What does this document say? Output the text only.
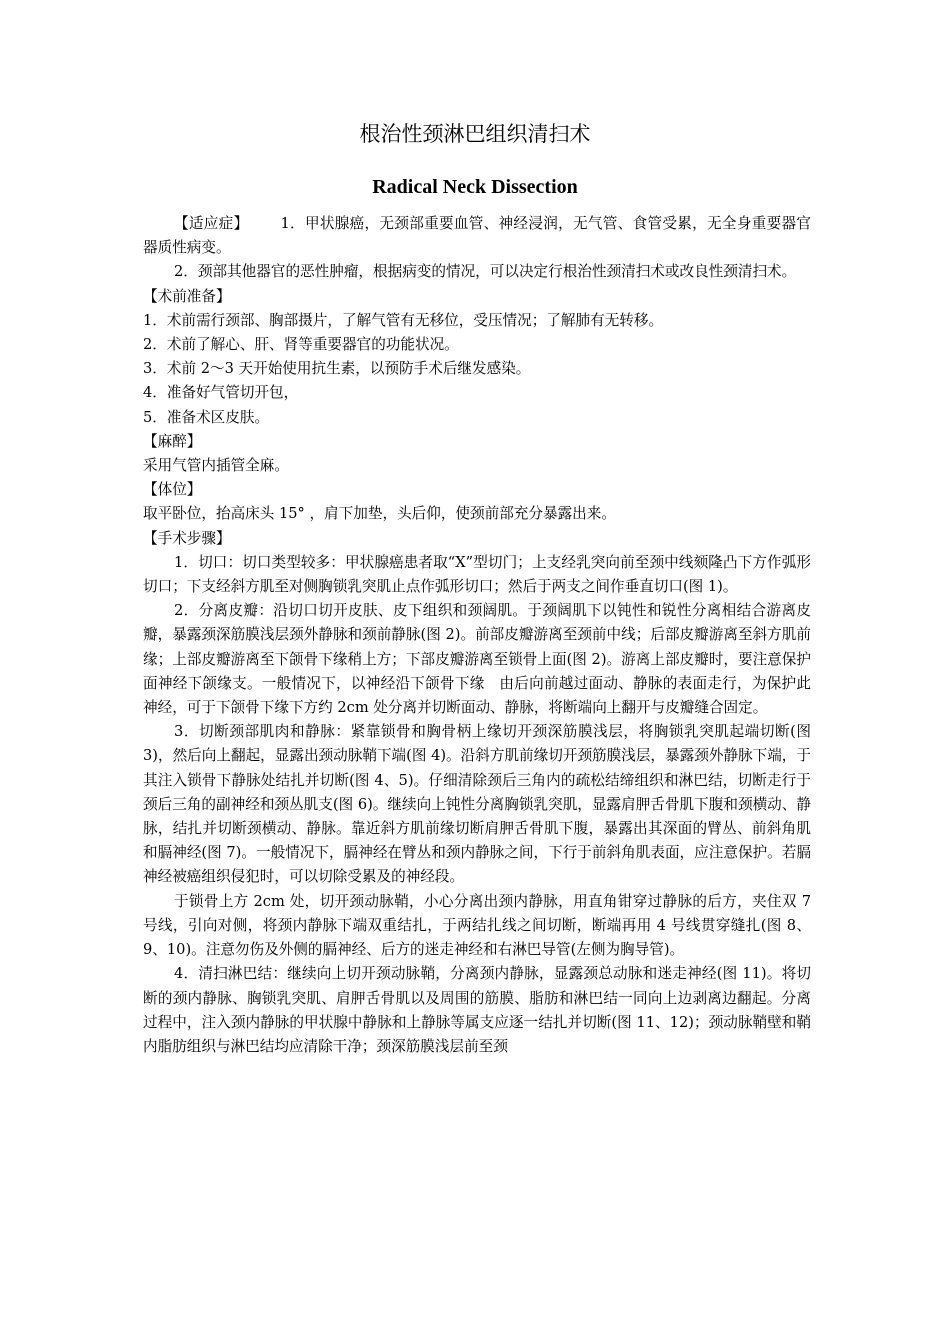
根治性颈淋巴组织清扫术
Radical Neck Dissection

【适应症】 1．甲状腺癌，无颈部重要血管、神经浸润，无气管、食管受累，无全身重要器官器质性病变。

2．颈部其他器官的恶性肿瘤，根据病变的情况，可以决定行根治性颈清扫术或改良性颈清扫术。

【术前准备】

1．术前需行颈部、胸部摄片，了解气管有无移位，受压情况；了解肺有无转移。

2．术前了解心、肝、肾等重要器官的功能状况。

3．术前 2～3 天开始使用抗生素，以预防手术后继发感染。

4．准备好气管切开包，

5．准备术区皮肤。

【麻醉】

采用气管内插管全麻。

【体位】

取平卧位，抬高床头 15° ，肩下加垫，头后仰，使颈前部充分暴露出来。

【手术步骤】

1．切口：切口类型较多：甲状腺癌患者取“X”型切门；上支经乳突向前至颈中线颏隆凸下方作弧形切口；下支经斜方肌至对侧胸锁乳突肌止点作弧形切口；然后于两支之间作垂直切口(图 1)。

2．分离皮瓣：沿切口切开皮肤、皮下组织和颈阔肌。于颈阔肌下以钝性和锐性分离相结合游离皮瓣，暴露颈深筋膜浅层颈外静脉和颈前静脉(图 2)。前部皮瓣游离至颈前中线；后部皮瓣游离至斜方肌前缘；上部皮瓣游离至下颌骨下缘稍上方；下部皮瓣游离至锁骨上面(图 2)。游离上部皮瓣时，要注意保护面神经下颌缘支。一般情况下，以神经沿下颌骨下缘　由后向前越过面动、静脉的表面走行，为保护此神经，可于下颌骨下缘下方约 2cm 处分离并切断面动、静脉，将断端向上翻开与皮瓣缝合固定。

3．切断颈部肌肉和静脉：紧靠锁骨和胸骨柄上缘切开颈深筋膜浅层，将胸锁乳突肌起端切断(图 3)，然后向上翻起，显露出颈动脉鞘下端(图 4)。沿斜方肌前缘切开颈筋膜浅层，暴露颈外静脉下端，于其注入锁骨下静脉处结扎并切断(图 4、5)。仔细清除颈后三角内的疏松结缔组织和淋巴结，切断走行于颈后三角的副神经和颈丛肌支(图 6)。继续向上钝性分离胸锁乳突肌，显露肩胛舌骨肌下腹和颈横动、静脉，结扎并切断颈横动、静脉。靠近斜方肌前缘切断肩胛舌骨肌下腹，暴露出其深面的臂丛、前斜角肌和膈神经(图 7)。一般情况下，膈神经在臂丛和颈内静脉之间，下行于前斜角肌表面，应注意保护。若膈神经被癌组织侵犯时，可以切除受累及的神经段。

于锁骨上方 2cm 处，切开颈动脉鞘，小心分离出颈内静脉，用直角钳穿过静脉的后方，夹住双 7 号线，引向对侧，将颈内静脉下端双重结扎，于两结扎线之间切断，断端再用 4 号线贯穿缝扎(图 8、9、10)。注意勿伤及外侧的膈神经、后方的迷走神经和右淋巴导管(左侧为胸导管)。

4．清扫淋巴结：继续向上切开颈动脉鞘，分离颈内静脉，显露颈总动脉和迷走神经(图 11)。将切断的颈内静脉、胸锁乳突肌、肩胛舌骨肌以及周围的筋膜、脂肪和淋巴结一同向上边剥离边翻起。分离过程中，注入颈内静脉的甲状腺中静脉和上静脉等属支应逐一结扎并切断(图 11、12)；颈动脉鞘壁和鞘内脂肪组织与淋巴结均应清除干净；颈深筋膜浅层前至颈
